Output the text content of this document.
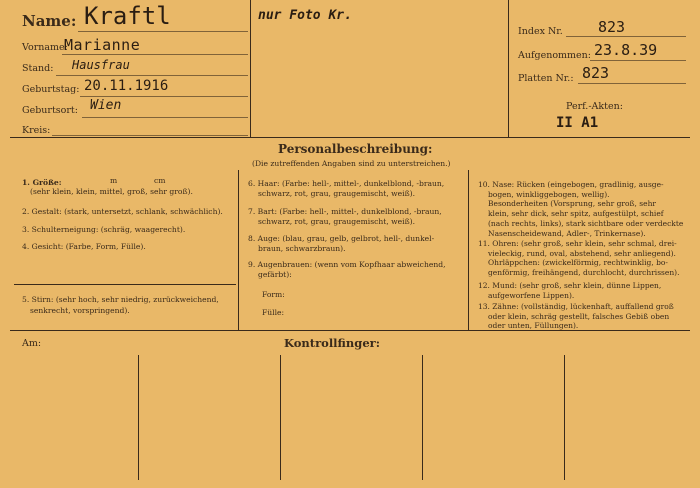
Name: Kraftl
Vorname:
Marianne
Stand: Hausfrau
Geburtstag: 20.11.1916
Geburtsort: Wien
Kreis:
nur Foto Kr.
Index Nr. 823
Aufgenommen: 23.8.39
Platten Nr.: 823
Perf.-Akten:
II A1
Personalbeschreibung:
(Die zutreffenden Angaben sind zu unterstreichen.)
1. Größe:	m	cm
(sehr klein, klein, mittel, groß, sehr groß).
2. Gestalt: (stark, untersetzt, schlank, schwächlich).
3. Schulterneigung: (schräg, waagerecht).
4. Gesicht: (Farbe, Form, Fülle).
5. Stirn: (sehr hoch, sehr niedrig, zurückweichend,
senkrecht, vorspringend).
6. Haar: (Farbe: hell-, mittel-, dunkelblond, -braun,
schwarz, rot, grau, graugemischt, weiß).
7. Bart: (Farbe: hell-, mittel-, dunkelblond, -braun,
schwarz, rot, grau, graugemischt, weiß).
8. Auge: (blau, grau, gelb, gelbrot, hell-, dunkel-
braun, schwarzbraun).
9. Augenbrauen: (wenn vom Kopfhaar abweichend,
gefärbt):
Form:
Fülle:
10. Nase: Rücken (eingebogen, gradlinig, ausge-
bogen, winkliggebogen, wellig).
Besonderheiten (Vorsprung, sehr groß, sehr
klein, sehr dick, sehr spitz, aufgestülpt, schief
(nach rechts, links), stark sichtbare oder verdeckte
Nasenscheidewand, Adler-, Trinkernase).
11. Ohren: (sehr groß, sehr klein, sehr schmal, drei-
vieleckig, rund, oval, abstehend, sehr anliegend).
Ohrläppchen: (zwickelförmig, rechtwinklig, bo-
genförmig, freihängend, durchlocht, durchrissen).
12. Mund: (sehr groß, sehr klein, dünne Lippen,
aufgeworfene Lippen).
13. Zähne: (vollständig, lückenhaft, auffallend groß
oder klein, schräg gestellt, falsches Gebiß oben
oder unten, Füllungen).
Am:	Kontrollfinger:
